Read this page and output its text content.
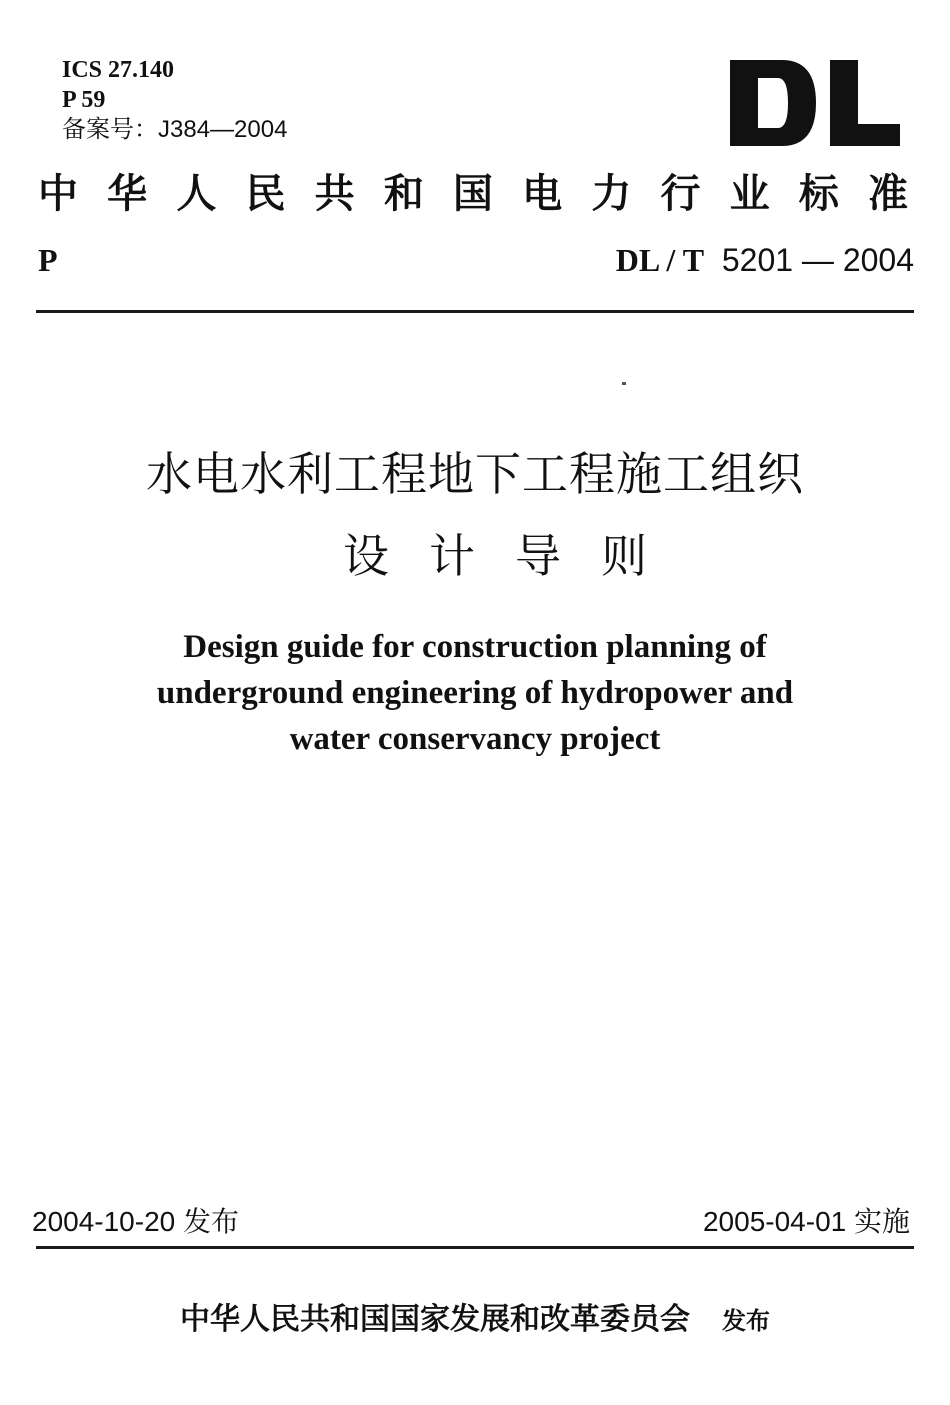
ICS 27.140
P 59
备案号：J384—2004
中华人民共和国电力行业标准
P	DL / T 5201 — 2004
水电水利工程地下工程施工组织
设计导则
Design guide for construction planning of
underground engineering of hydropower and
water conservancy project
2004-10-20 发布	2005-04-01 实施
中华人民共和国国家发展和改革委员会 发布
